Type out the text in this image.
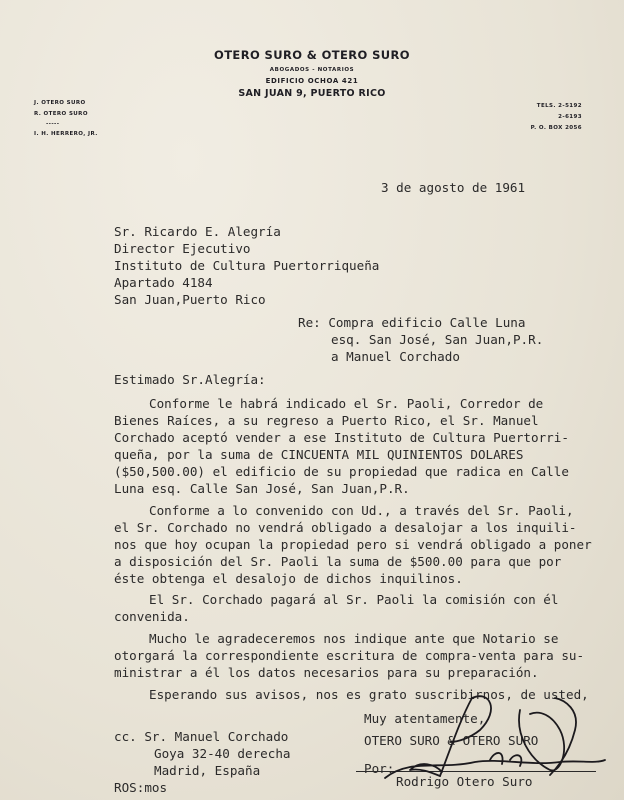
OTERO SURO & OTERO SURO
ABOGADOS - NOTARIOS
EDIFICIO OCHOA 421
SAN JUAN 9, PUERTO RICO
J. OTERO SURO
R. OTERO SURO
-----
I. H. HERRERO, JR.
TELS. 2-5192
2-6193
P. O. BOX 2056
3 de agosto de 1961
Sr. Ricardo E. Alegría
Director Ejecutivo
Instituto de Cultura Puertorriqueña
Apartado 4184
San Juan,Puerto Rico
Re: Compra edificio Calle Luna
esq. San José, San Juan,P.R.
a Manuel Corchado
Estimado Sr.Alegría:
Conforme le habrá indicado el Sr. Paoli, Corredor de
Bienes Raíces, a su regreso a Puerto Rico, el Sr. Manuel
Corchado aceptó vender a ese Instituto de Cultura Puertorri-
queña, por la suma de CINCUENTA MIL QUINIENTOS DOLARES
($50,500.00) el edificio de su propiedad que radica en Calle
Luna esq. Calle San José, San Juan,P.R.
Conforme a lo convenido con Ud., a través del Sr. Paoli,
el Sr. Corchado no vendrá obligado a desalojar a los inquili-
nos que hoy ocupan la propiedad pero si vendrá obligado a poner
a disposición del Sr. Paoli la suma de $500.00 para que por
éste obtenga el desalojo de dichos inquilinos.
El Sr. Corchado pagará al Sr. Paoli la comisión con él
convenida.
Mucho le agradeceremos nos indique ante que Notario se
otorgará la correspondiente escritura de compra-venta para su-
ministrar a él los datos necesarios para su preparación.
Esperando sus avisos, nos es grato suscribirnos, de usted,
Muy atentamente,
OTERO SURO & OTERO SURO
Por:
Rodrigo Otero Suro
cc. Sr. Manuel Corchado
Goya 32-40 derecha
Madrid, España
ROS:mos
